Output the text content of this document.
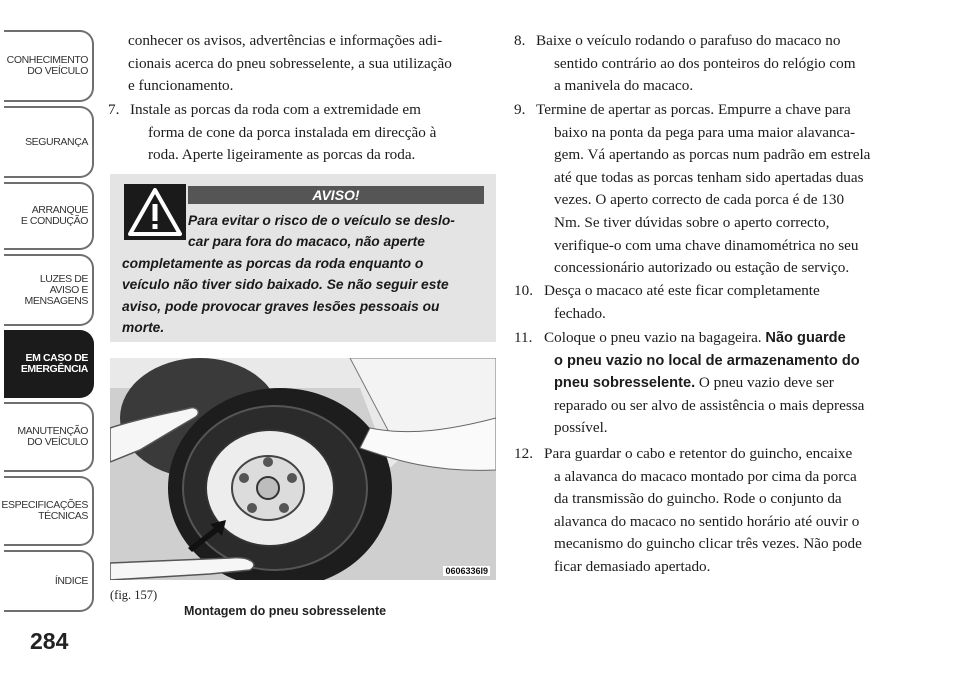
CONHECIMENTO
DO VEÍCULO
SEGURANÇA
ARRANQUE
E CONDUÇÃO
LUZES DE
AVISO E
MENSAGENS
EM CASO DE
EMERGÊNCIA
MANUTENÇÃO
DO VEÍCULO
ESPECIFICAÇÕES
TÉCNICAS
ÍNDICE
284
conhecer os avisos, advertências e informações adi-
cionais acerca do pneu sobresselente, a sua utilização
e funcionamento.
7. Instale as porcas da roda com a extremidade em
forma de cone da porca instalada em direcção à
roda. Aperte ligeiramente as porcas da roda.
AVISO!
Para evitar o risco de o veículo se deslo-
car para fora do macaco, não aperte
completamente as porcas da roda enquanto o
veículo não tiver sido baixado. Se não seguir este
aviso, pode provocar graves lesões pessoais ou
morte.
0606336I9
(fig. 157)
Montagem do pneu sobresselente
8. Baixe o veículo rodando o parafuso do macaco no
sentido contrário ao dos ponteiros do relógio com
a manivela do macaco.
9. Termine de apertar as porcas. Empurre a chave para
baixo na ponta da pega para uma maior alavanca-
gem. Vá apertando as porcas num padrão em estrela
até que todas as porcas tenham sido apertadas duas
vezes. O aperto correcto de cada porca é de 130
Nm. Se tiver dúvidas sobre o aperto correcto,
verifique-o com uma chave dinamométrica no seu
concessionário autorizado ou estação de serviço.
10. Desça o macaco até este ficar completamente
fechado.
11. Coloque o pneu vazio na bagageira. Não guarde
o pneu vazio no local de armazenamento do
pneu sobresselente. O pneu vazio deve ser
reparado ou ser alvo de assistência o mais depressa
possível.
12. Para guardar o cabo e retentor do guincho, encaixe
a alavanca do macaco montado por cima da porca
da transmissão do guincho. Rode o conjunto da
alavanca do macaco no sentido horário até ouvir o
mecanismo do guincho clicar três vezes. Não pode
ficar demasiado apertado.
